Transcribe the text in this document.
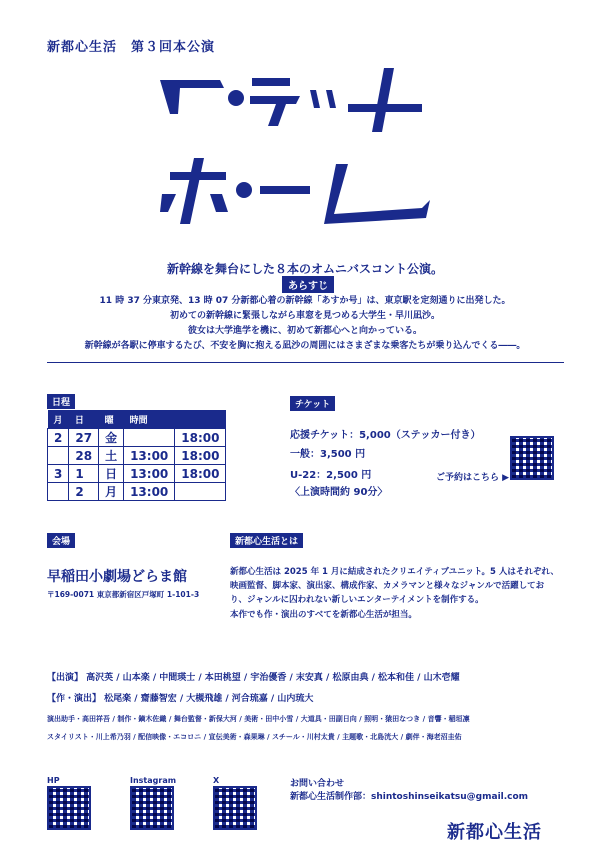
新都心生活　第３回本公演
新幹線を舞台にした８本のオムニバスコント公演。
あらすじ
11 時 37 分東京発、13 時 07 分新都心着の新幹線「あすか号」は、東京駅を定刻通りに出発した。
初めての新幹線に緊張しながら車窓を見つめる大学生・早川凪沙。
彼女は大学進学を機に、初めて新都心へと向かっている。
新幹線が各駅に停車するたび、不安を胸に抱える凪沙の周囲にはさまざまな乗客たちが乗り込んでくる――。
日程
月	日	曜	時間	
2	27	金		18:00
	28	土	13:00	18:00
3	1	日	13:00	18:00
	2	月	13:00	
チケット
応援チケット：5,000（ステッカー付き）
一般：3,500 円
U-22：2,500 円
〈上演時間約 90分〉
ご予約はこちら ▶
会場
早稲田小劇場どらま館
〒169-0071 東京都新宿区戸塚町 1-101-3
新都心生活とは
新都心生活は 2025 年 1 月に結成されたクリエイティブユニット。5 人はそれぞれ、
映画監督、脚本家、演出家、構成作家、カメラマンと様々なジャンルで活躍してお
り、ジャンルに囚われない新しいエンターテイメントを制作する。
本作でも作・演出のすべてを新都心生活が担当。
【出演】 高沢英 / 山本楽 / 中間瑛士 / 本田桃望 / 宇治優香 / 末安真 / 松原由典 / 松本和佳 / 山木壱耀
【作・演出】 松尾楽 / 齋藤智宏 / 大槻飛雄 / 河合琉嘉 / 山内琉大
演出助手・高田祥吾 / 制作・鏑木佐織 / 舞台監督・新保大河 / 美術・田中小雪 / 大道具・田副日向 / 照明・猿田なつき / 音響・稲垣凛
スタイリスト・川上希乃羽 / 配信映像・エコロニ / 宣伝美術・森果琳 / スチール・川村太貴 / 主題歌・北島洸大 / 劇伴・海老沼圭佑
HP	Instagram	X	お問い合わせ
新都心生活制作部：shintoshinseikatsu@gmail.com
新都心生活
